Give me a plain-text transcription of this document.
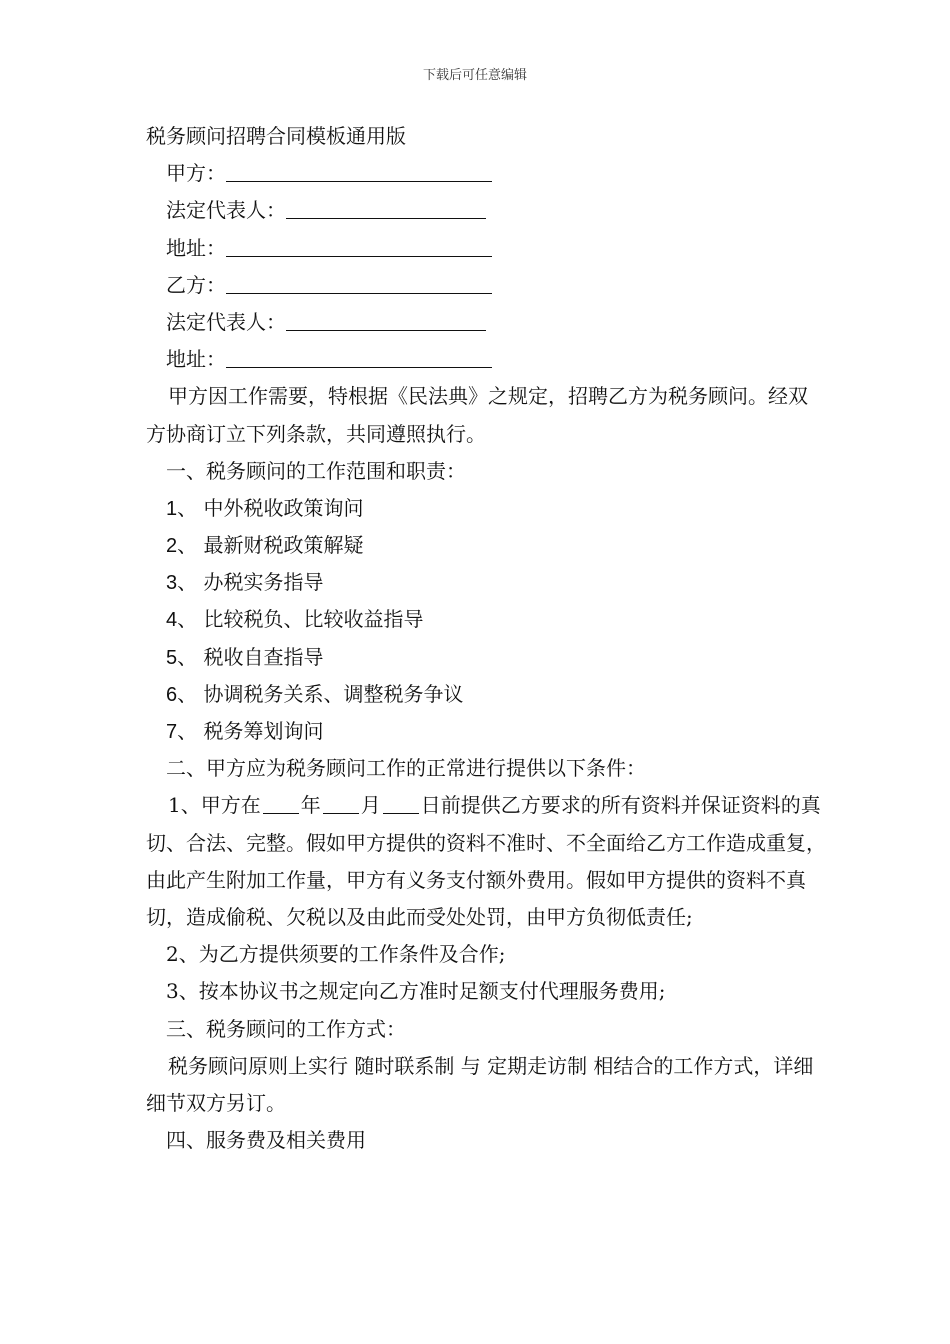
下载后可任意编辑

税务顾问招聘合同模板通用版

甲方：

法定代表人：

地址：

乙方：

法定代表人：

地址：

甲方因工作需要，特根据《民法典》之规定，招聘乙方为税务顾问。经双方协商订立下列条款，共同遵照执行。

一、税务顾问的工作范围和职责：

1、 中外税收政策询问

2、 最新财税政策解疑

3、 办税实务指导

4、 比较税负、比较收益指导

5、 税收自查指导

6、 协调税务关系、调整税务争议

7、 税务筹划询问

二、甲方应为税务顾问工作的正常进行提供以下条件：

1、甲方在 年 月 日前提供乙方要求的所有资料并保证资料的真切、合法、完整。假如甲方提供的资料不准时、不全面给乙方工作造成重复，由此产生附加工作量，甲方有义务支付额外费用。假如甲方提供的资料不真切，造成偷税、欠税以及由此而受处处罚，由甲方负彻低责任;

2、为乙方提供须要的工作条件及合作;

3、按本协议书之规定向乙方准时足额支付代理服务费用;

三、税务顾问的工作方式：

税务顾问原则上实行 随时联系制 与 定期走访制 相结合的工作方式，详细细节双方另订。

四、服务费及相关费用
